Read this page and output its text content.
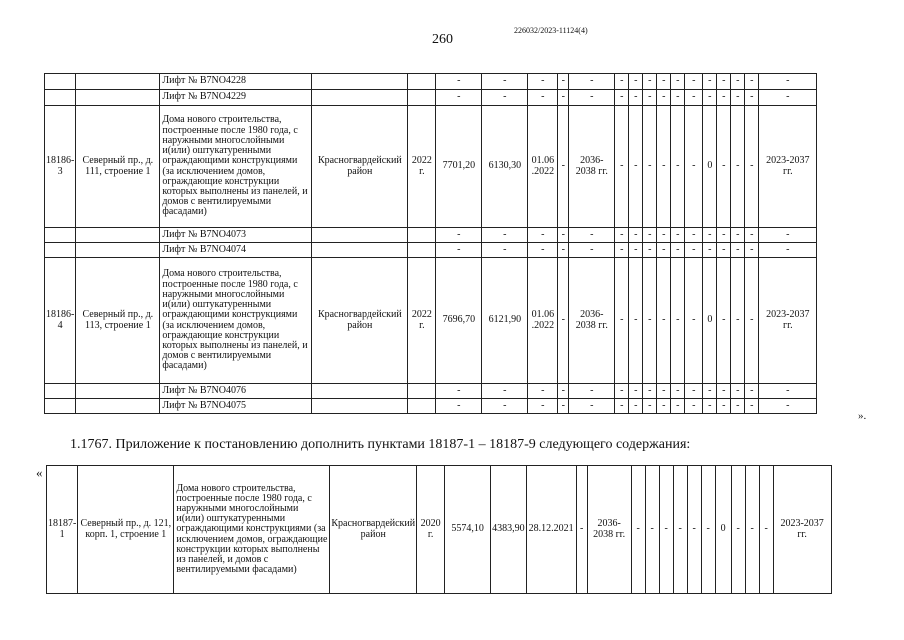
226032/2023-11124(4)
260
		Лифт № B7NO4228			-	-	-	-	-	-	-	-	-	-	-	-	-	-	-	-
		Лифт № B7NO4229			-	-	-	-	-	-	-	-	-	-	-	-	-	-	-	-
18186-3	Северный пр., д. 111, строение 1	Дома нового строительства, построенные после 1980 года, с наружными многослойными и(или) оштукатуренными ограждающими конструкциями (за исключением домов, ограждающие конструкции которых выполнены из панелей, и домов с вентилируемыми фасадами)	Красногвардейский район	2022 г.	7701,20	6130,30	01.06 .2022	-	2036-2038 гг.	-	-	-	-	-	-	0	-	-	-	2023-2037 гг.
		Лифт № B7NO4073			-	-	-	-	-	-	-	-	-	-	-	-	-	-	-	-
		Лифт № B7NO4074			-	-	-	-	-	-	-	-	-	-	-	-	-	-	-	-
18186-4	Северный пр., д. 113, строение 1	Дома нового строительства, построенные после 1980 года, с наружными многослойными и(или) оштукатуренными ограждающими конструкциями (за исключением домов, ограждающие конструкции которых выполнены из панелей, и домов с вентилируемыми фасадами)	Красногвардейский район	2022 г.	7696,70	6121,90	01.06 .2022	-	2036-2038 гг.	-	-	-	-	-	-	0	-	-	-	2023-2037 гг.
		Лифт № B7NO4076			-	-	-	-	-	-	-	-	-	-	-	-	-	-	-	-
		Лифт № B7NO4075			-	-	-	-	-	-	-	-	-	-	-	-	-	-	-	-
».
1.1767. Приложение к постановлению дополнить пунктами 18187-1 – 18187-9 следующего содержания:
«
18187-1	Северный пр., д. 121, корп. 1, строение 1	Дома нового строительства, построенные после 1980 года, с наружными многослойными и(или) оштукатуренными ограждающими конструкциями (за исключением домов, ограждающие конструкции которых выполнены из панелей, и домов с вентилируемыми фасадами)	Красногвардейский район	2020 г.	5574,10	4383,90	28.12.2021	-	2036-2038 гг.	-	-	-	-	-	-	0	-	-	-	2023-2037 гг.
